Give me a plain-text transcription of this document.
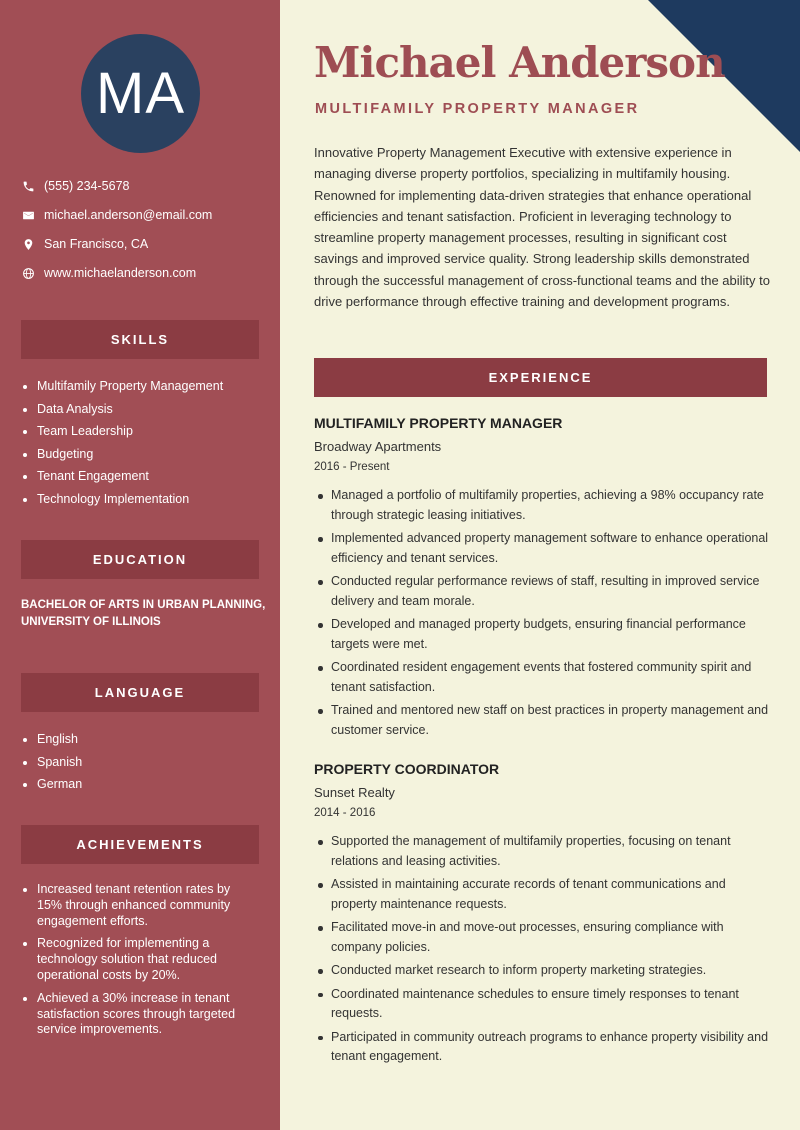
MA
(555) 234-5678
michael.anderson@email.com
San Francisco, CA
www.michaelanderson.com
SKILLS
Multifamily Property Management
Data Analysis
Team Leadership
Budgeting
Tenant Engagement
Technology Implementation
EDUCATION
BACHELOR OF ARTS IN URBAN PLANNING, UNIVERSITY OF ILLINOIS
LANGUAGE
English
Spanish
German
ACHIEVEMENTS
Increased tenant retention rates by 15% through enhanced community engagement efforts.
Recognized for implementing a technology solution that reduced operational costs by 20%.
Achieved a 30% increase in tenant satisfaction scores through targeted service improvements.
Michael Anderson
MULTIFAMILY PROPERTY MANAGER

Innovative Property Management Executive with extensive experience in managing diverse property portfolios, specializing in multifamily housing. Renowned for implementing data-driven strategies that enhance operational efficiencies and tenant satisfaction. Proficient in leveraging technology to streamline property management processes, resulting in significant cost savings and improved service quality. Strong leadership skills demonstrated through the successful management of cross-functional teams and the ability to drive performance through effective training and development programs.

EXPERIENCE
MULTIFAMILY PROPERTY MANAGER
Broadway Apartments
2016 - Present
Managed a portfolio of multifamily properties, achieving a 98% occupancy rate through strategic leasing initiatives.
Implemented advanced property management software to enhance operational efficiency and tenant services.
Conducted regular performance reviews of staff, resulting in improved service delivery and team morale.
Developed and managed property budgets, ensuring financial performance targets were met.
Coordinated resident engagement events that fostered community spirit and tenant satisfaction.
Trained and mentored new staff on best practices in property management and customer service.
PROPERTY COORDINATOR
Sunset Realty
2014 - 2016
Supported the management of multifamily properties, focusing on tenant relations and leasing activities.
Assisted in maintaining accurate records of tenant communications and property maintenance requests.
Facilitated move-in and move-out processes, ensuring compliance with company policies.
Conducted market research to inform property marketing strategies.
Coordinated maintenance schedules to ensure timely responses to tenant requests.
Participated in community outreach programs to enhance property visibility and tenant engagement.
